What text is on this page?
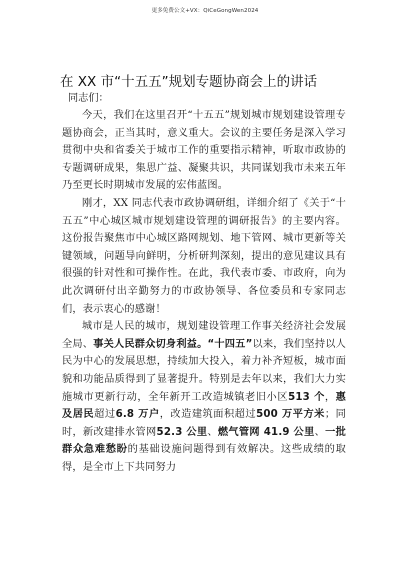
更多免费公文+VX：QiCeGongWen2024
在 XX 市“十五五”规划专题协商会上的讲话
同志们：

今天，我们在这里召开“十五五”规划城市规划建设管理专题协商会，正当其时，意义重大。会议的主要任务是深入学习贯彻中央和省委关于城市工作的重要指示精神，听取市政协的专题调研成果，集思广益、凝聚共识，共同谋划我市未来五年乃至更长时期城市发展的宏伟蓝图。

刚才，XX 同志代表市政协调研组，详细介绍了《关于“十五五”中心城区城市规划建设管理的调研报告》的主要内容。这份报告聚焦市中心城区路网规划、地下管网、城市更新等关键领域，问题导向鲜明，分析研判深刻，提出的意见建议具有很强的针对性和可操作性。在此，我代表市委、市政府，向为此次调研付出辛勤努力的市政协领导、各位委员和专家同志们，表示衷心的感谢！

城市是人民的城市，规划建设管理工作事关经济社会发展全局、事关人民群众切身利益。“十四五”以来，我们坚持以人民为中心的发展思想，持续加大投入，着力补齐短板，城市面貌和功能品质得到了显著提升。特别是去年以来，我们大力实施城市更新行动，全年新开工改造城镇老旧小区513 个，惠及居民超过6.8 万户，改造建筑面积超过500 万平方米；同时，新改建排水管网52.3 公里、燃气管网 41.9 公里、一批群众急难愁盼的基础设施问题得到有效解决。这些成绩的取得，是全市上下共同努力
